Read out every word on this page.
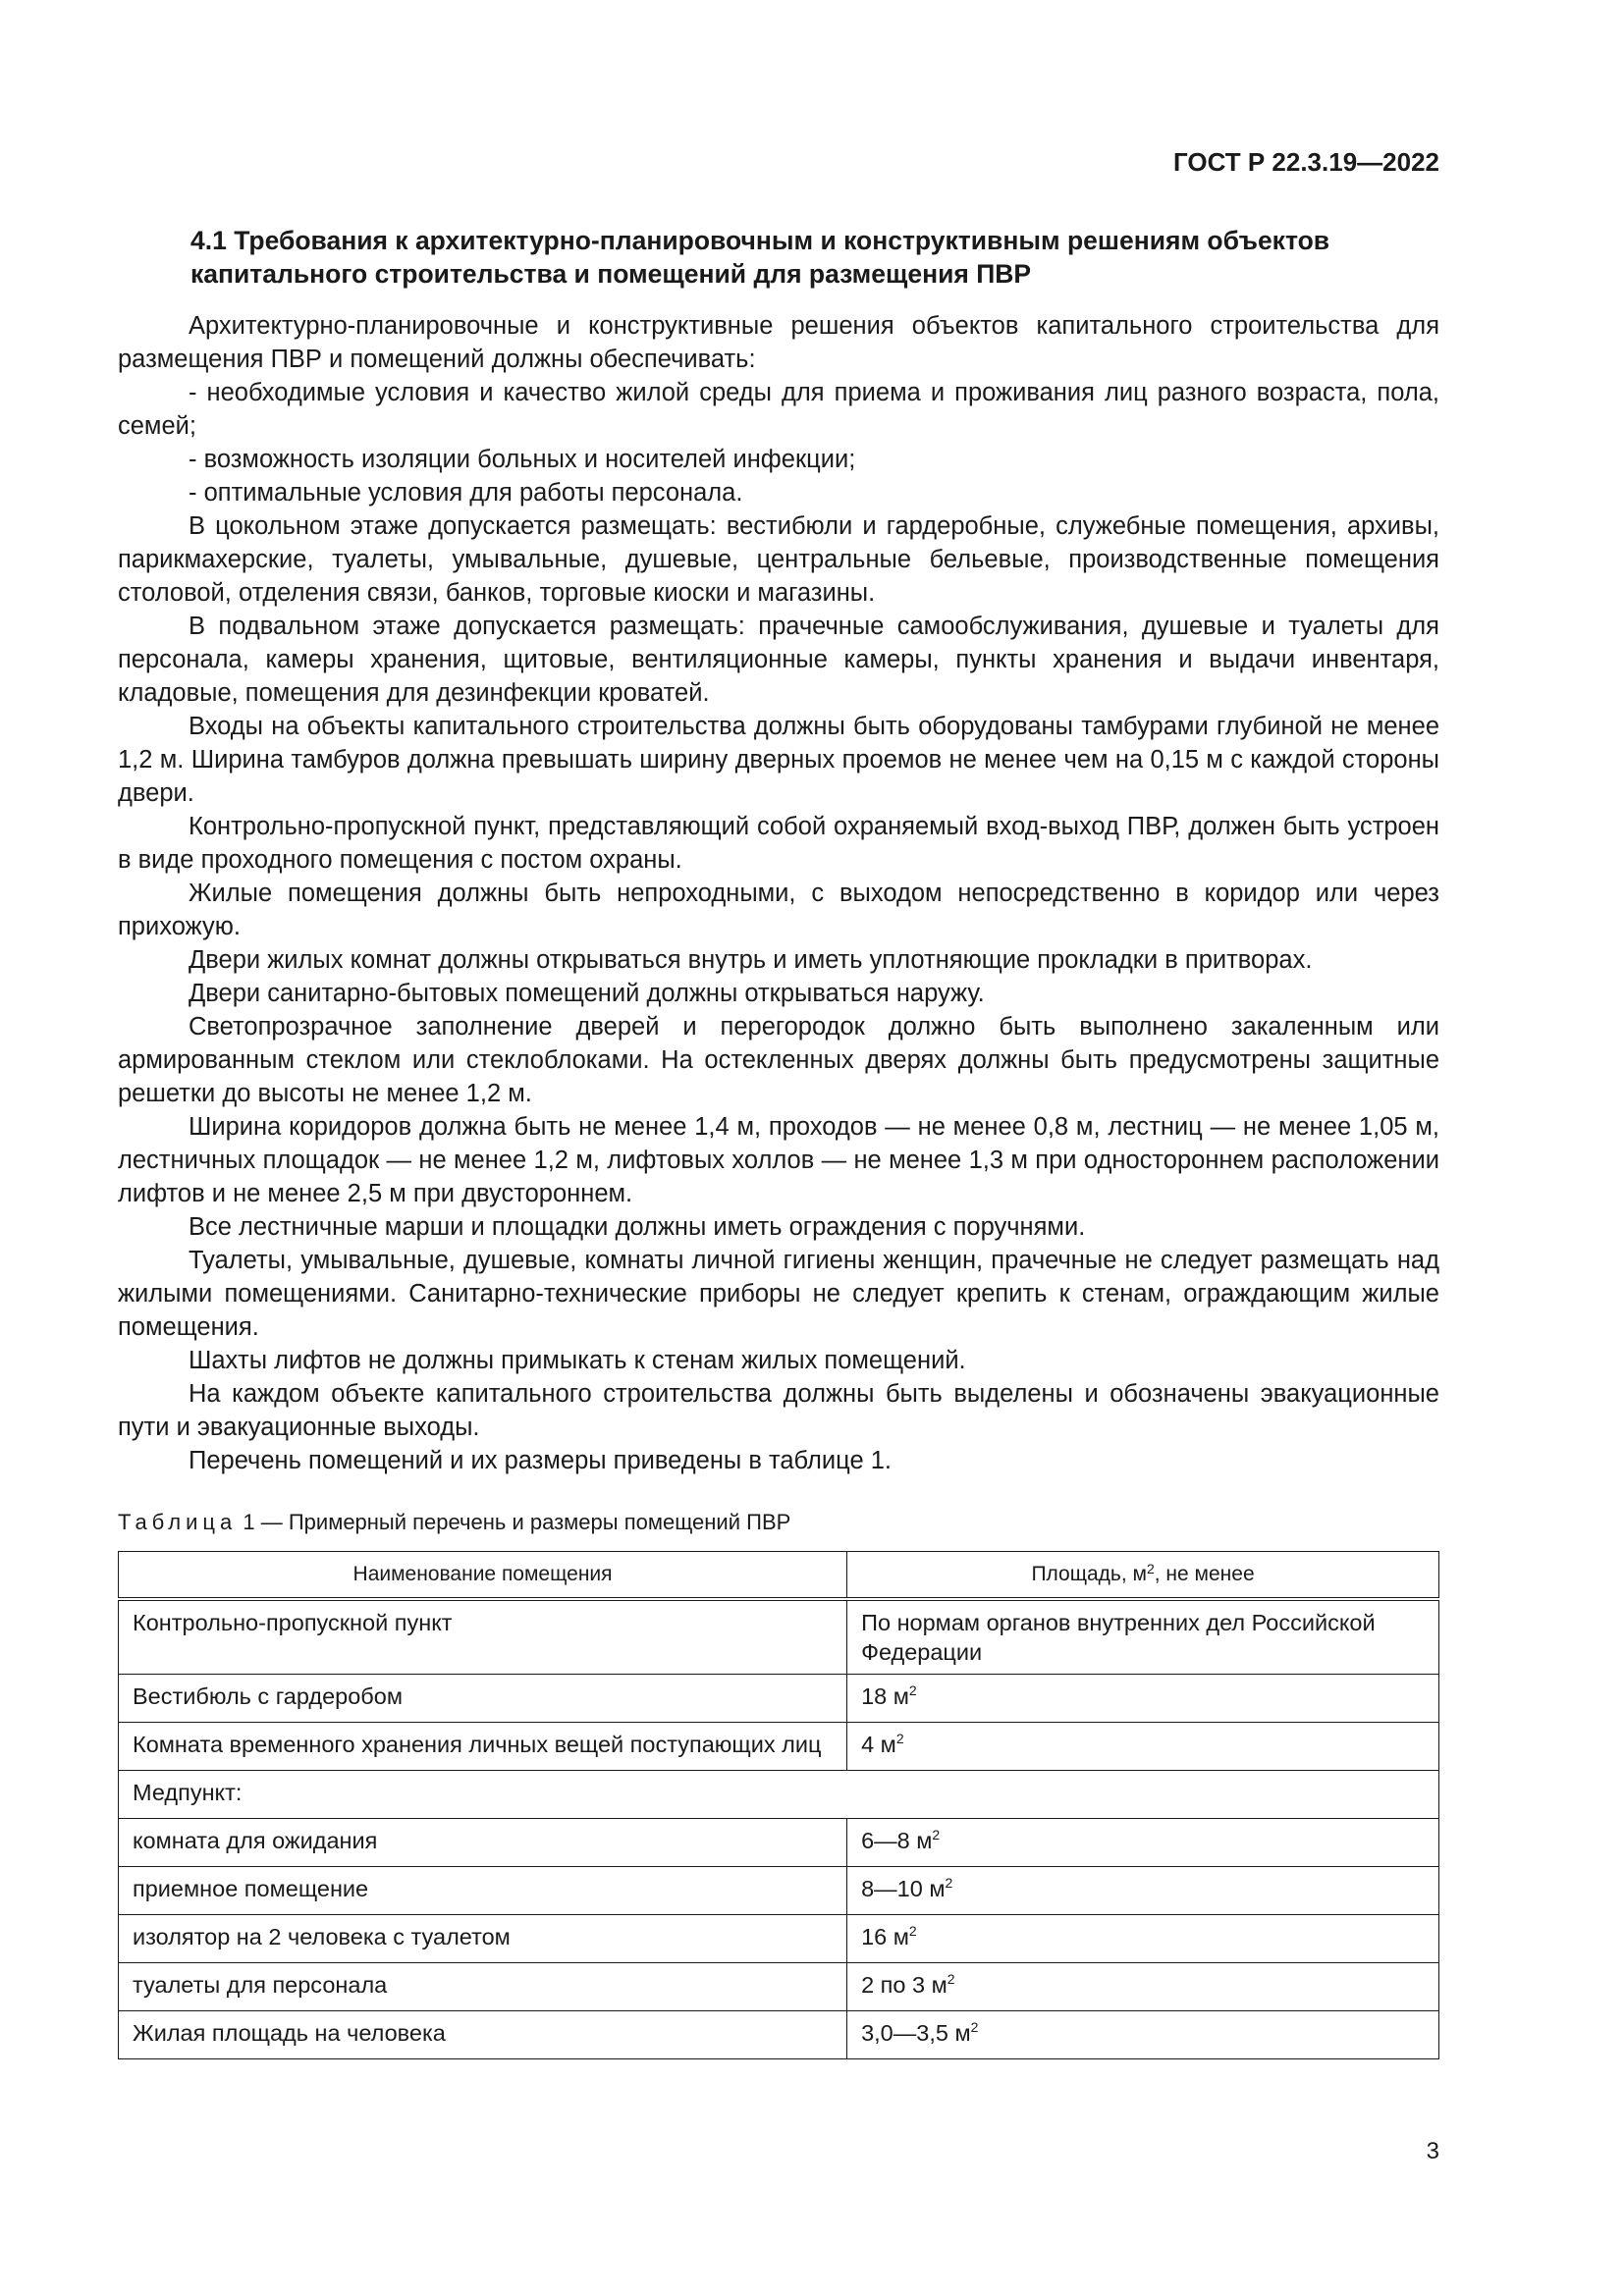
ГОСТ Р 22.3.19—2022
4.1 Требования к архитектурно-планировочным и конструктивным решениям объектов капитального строительства и помещений для размещения ПВР

Архитектурно-планировочные и конструктивные решения объектов капитального строительства для размещения ПВР и помещений должны обеспечивать:

- необходимые условия и качество жилой среды для приема и проживания лиц разного возраста, пола, семей;

- возможность изоляции больных и носителей инфекции;

- оптимальные условия для работы персонала.

В цокольном этаже допускается размещать: вестибюли и гардеробные, служебные помещения, архивы, парикмахерские, туалеты, умывальные, душевые, центральные бельевые, производственные помещения столовой, отделения связи, банков, торговые киоски и магазины.

В подвальном этаже допускается размещать: прачечные самообслуживания, душевые и туалеты для персонала, камеры хранения, щитовые, вентиляционные камеры, пункты хранения и выдачи инвентаря, кладовые, помещения для дезинфекции кроватей.

Входы на объекты капитального строительства должны быть оборудованы тамбурами глубиной не менее 1,2 м. Ширина тамбуров должна превышать ширину дверных проемов не менее чем на 0,15 м с каждой стороны двери.

Контрольно-пропускной пункт, представляющий собой охраняемый вход-выход ПВР, должен быть устроен в виде проходного помещения с постом охраны.

Жилые помещения должны быть непроходными, с выходом непосредственно в коридор или через прихожую.

Двери жилых комнат должны открываться внутрь и иметь уплотняющие прокладки в притворах.

Двери санитарно-бытовых помещений должны открываться наружу.

Светопрозрачное заполнение дверей и перегородок должно быть выполнено закаленным или армированным стеклом или стеклоблоками. На остекленных дверях должны быть предусмотрены защитные решетки до высоты не менее 1,2 м.

Ширина коридоров должна быть не менее 1,4 м, проходов — не менее 0,8 м, лестниц — не менее 1,05 м, лестничных площадок — не менее 1,2 м, лифтовых холлов — не менее 1,3 м при одностороннем расположении лифтов и не менее 2,5 м при двустороннем.

Все лестничные марши и площадки должны иметь ограждения с поручнями.

Туалеты, умывальные, душевые, комнаты личной гигиены женщин, прачечные не следует размещать над жилыми помещениями. Санитарно-технические приборы не следует крепить к стенам, ограждающим жилые помещения.

Шахты лифтов не должны примыкать к стенам жилых помещений.

На каждом объекте капитального строительства должны быть выделены и обозначены эвакуационные пути и эвакуационные выходы.

Перечень помещений и их размеры приведены в таблице 1.

Таблица 1 — Примерный перечень и размеры помещений ПВР
Наименование помещения	Площадь, $м^2$, не менее
Контрольно-пропускной пункт	По нормам органов внутренних дел Российской Федерации
Вестибюль с гардеробом	18 $м^2$
Комната временного хранения личных вещей поступающих лиц	4 $м^2$
Медпункт:	
комната для ожидания	6—8 $м^2$
приемное помещение	8—10 $м^2$
изолятор на 2 человека с туалетом	16 $м^2$
туалеты для персонала	2 по 3 $м^2$
Жилая площадь на человека	3,0—3,5 $м^2$
3
